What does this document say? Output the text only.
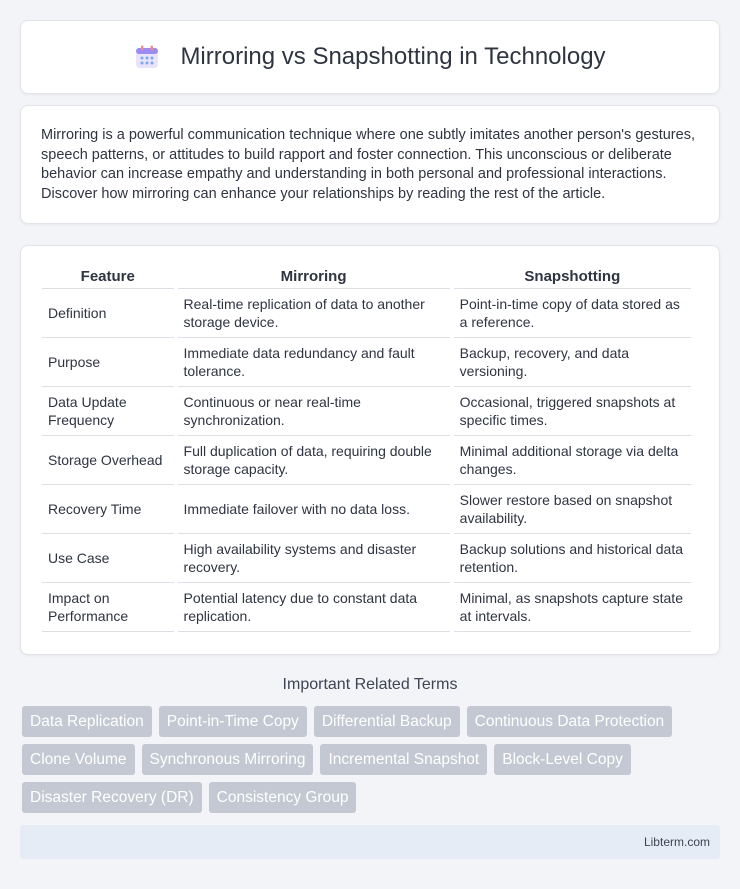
Mirroring vs Snapshotting in Technology

Mirroring is a powerful communication technique where one subtly imitates another person's gestures, speech patterns, or attitudes to build rapport and foster connection. This unconscious or deliberate behavior can increase empathy and understanding in both personal and professional interactions. Discover how mirroring can enhance your relationships by reading the rest of the article.

Feature	Mirroring	Snapshotting
Definition	Real-time replication of data to another storage device.	Point-in-time copy of data stored as a reference.
Purpose	Immediate data redundancy and fault tolerance.	Backup, recovery, and data versioning.
Data Update Frequency	Continuous or near real-time synchronization.	Occasional, triggered snapshots at specific times.
Storage Overhead	Full duplication of data, requiring double storage capacity.	Minimal additional storage via delta changes.
Recovery Time	Immediate failover with no data loss.	Slower restore based on snapshot availability.
Use Case	High availability systems and disaster recovery.	Backup solutions and historical data retention.
Impact on Performance	Potential latency due to constant data replication.	Minimal, as snapshots capture state at intervals.
Important Related Terms
Data Replication	Point-in-Time Copy	Differential Backup	Continuous Data Protection
Clone Volume	Synchronous Mirroring	Incremental Snapshot	Block-Level Copy
Disaster Recovery (DR)	Consistency Group
Libterm.com
